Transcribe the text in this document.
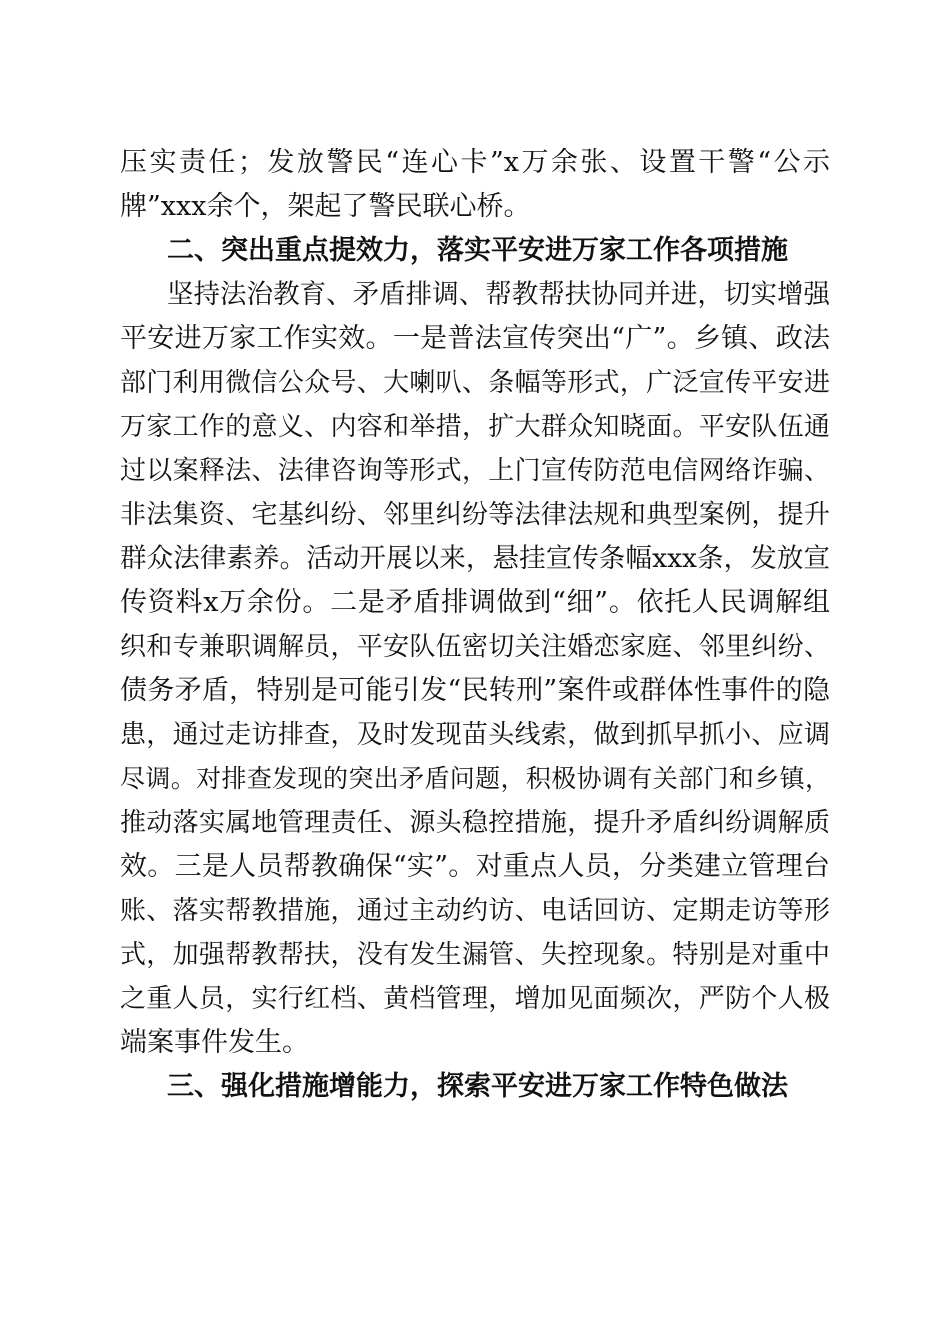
压实责任；发放警民“连心卡”x万余张、设置干警“公示
牌”xxx余个，架起了警民联心桥。
二、突出重点提效力，落实平安进万家工作各项措施
坚持法治教育、矛盾排调、帮教帮扶协同并进，切实增强
平安进万家工作实效。一是普法宣传突出“广”。乡镇、政法
部门利用微信公众号、大喇叭、条幅等形式，广泛宣传平安进
万家工作的意义、内容和举措，扩大群众知晓面。平安队伍通
过以案释法、法律咨询等形式，上门宣传防范电信网络诈骗、
非法集资、宅基纠纷、邻里纠纷等法律法规和典型案例，提升
群众法律素养。活动开展以来，悬挂宣传条幅xxx条，发放宣
传资料x万余份。二是矛盾排调做到“细”。依托人民调解组
织和专兼职调解员，平安队伍密切关注婚恋家庭、邻里纠纷、
债务矛盾，特别是可能引发“民转刑”案件或群体性事件的隐
患，通过走访排查，及时发现苗头线索，做到抓早抓小、应调
尽调。对排查发现的突出矛盾问题，积极协调有关部门和乡镇，
推动落实属地管理责任、源头稳控措施，提升矛盾纠纷调解质
效。三是人员帮教确保“实”。对重点人员，分类建立管理台
账、落实帮教措施，通过主动约访、电话回访、定期走访等形
式，加强帮教帮扶，没有发生漏管、失控现象。特别是对重中
之重人员，实行红档、黄档管理，增加见面频次，严防个人极
端案事件发生。
三、强化措施增能力，探索平安进万家工作特色做法
